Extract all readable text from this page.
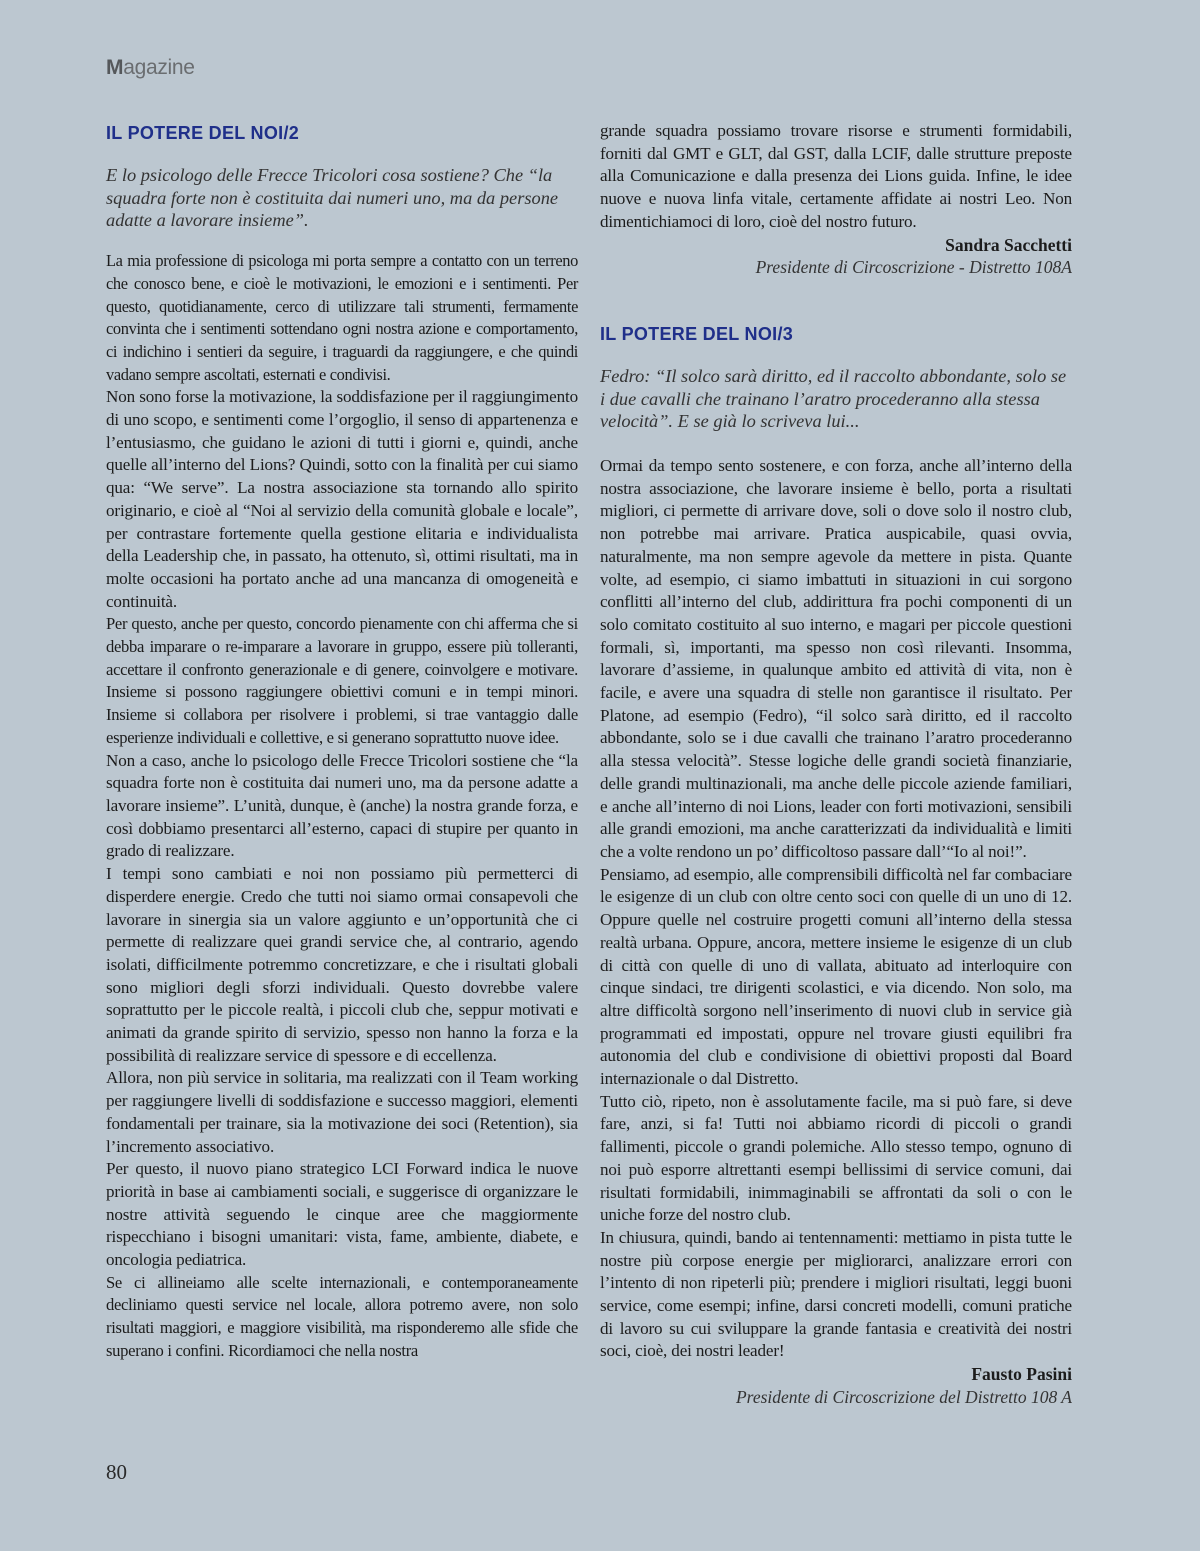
Magazine
IL POTERE DEL NOI/2

E lo psicologo delle Frecce Tricolori cosa sostiene? Che “la squadra forte non è costituita dai numeri uno, ma da persone adatte a lavorare insieme”.

La mia professione di psicologa mi porta sempre a contatto con un terreno che conosco bene, e cioè le motivazioni, le emozioni e i sentimenti. Per questo, quotidianamente, cerco di utilizzare tali strumenti, fermamente convinta che i sentimenti sottendano ogni nostra azione e comportamento, ci indichino i sentieri da seguire, i traguardi da raggiungere, e che quindi vadano sempre ascoltati, esternati e condivisi.

Non sono forse la motivazione, la soddisfazione per il raggiungimento di uno scopo, e sentimenti come l’orgoglio, il senso di appartenenza e l’entusiasmo, che guidano le azioni di tutti i giorni e, quindi, anche quelle all’interno del Lions? Quindi, sotto con la finalità per cui siamo qua: “We serve”. La nostra associazione sta tornando allo spirito originario, e cioè al “Noi al servizio della comunità globale e locale”, per contrastare fortemente quella gestione elitaria e individualista della Leadership che, in passato, ha ottenuto, sì, ottimi risultati, ma in molte occasioni ha portato anche ad una mancanza di omogeneità e continuità.

Per questo, anche per questo, concordo pienamente con chi afferma che si debba imparare o re-imparare a lavorare in gruppo, essere più tolleranti, accettare il confronto generazionale e di genere, coinvolgere e motivare. Insieme si possono raggiungere obiettivi comuni e in tempi minori. Insieme si collabora per risolvere i problemi, si trae vantaggio dalle esperienze individuali e collettive, e si generano soprattutto nuove idee.

Non a caso, anche lo psicologo delle Frecce Tricolori sostiene che “la squadra forte non è costituita dai numeri uno, ma da persone adatte a lavorare insieme”. L’unità, dunque, è (anche) la nostra grande forza, e così dobbiamo presentarci all’esterno, capaci di stupire per quanto in grado di realizzare.

I tempi sono cambiati e noi non possiamo più permetterci di disperdere energie. Credo che tutti noi siamo ormai consapevoli che lavorare in sinergia sia un valore aggiunto e un’opportunità che ci permette di realizzare quei grandi service che, al contrario, agendo isolati, difficilmente potremmo concretizzare, e che i risultati globali sono migliori degli sforzi individuali. Questo dovrebbe valere soprattutto per le piccole realtà, i piccoli club che, seppur motivati e animati da grande spirito di servizio, spesso non hanno la forza e la possibilità di realizzare service di spessore e di eccellenza.

Allora, non più service in solitaria, ma realizzati con il Team working per raggiungere livelli di soddisfazione e successo maggiori, elementi fondamentali per trainare, sia la motivazione dei soci (Retention), sia l’incremento associativo.

Per questo, il nuovo piano strategico LCI Forward indica le nuove priorità in base ai cambiamenti sociali, e suggerisce di organizzare le nostre attività seguendo le cinque aree che maggiormente rispecchiano i bisogni umanitari: vista, fame, ambiente, diabete, e oncologia pediatrica.

Se ci allineiamo alle scelte internazionali, e contemporaneamente decliniamo questi service nel locale, allora potremo avere, non solo risultati maggiori, e maggiore visibilità, ma risponderemo alle sfide che superano i confini. Ricordiamoci che nella nostra

grande squadra possiamo trovare risorse e strumenti formidabili, forniti dal GMT e GLT, dal GST, dalla LCIF, dalle strutture preposte alla Comunicazione e dalla presenza dei Lions guida. Infine, le idee nuove e nuova linfa vitale, certamente affidate ai nostri Leo. Non dimentichiamoci di loro, cioè del nostro futuro.

Sandra Sacchetti

Presidente di Circoscrizione - Distretto 108A

IL POTERE DEL NOI/3

Fedro: “Il solco sarà diritto, ed il raccolto abbondante, solo se i due cavalli che trainano l’aratro procederanno alla stessa velocità”. E se già lo scriveva lui...

Ormai da tempo sento sostenere, e con forza, anche all’interno della nostra associazione, che lavorare insieme è bello, porta a risultati migliori, ci permette di arrivare dove, soli o dove solo il nostro club, non potrebbe mai arrivare. Pratica auspicabile, quasi ovvia, naturalmente, ma non sempre agevole da mettere in pista. Quante volte, ad esempio, ci siamo imbattuti in situazioni in cui sorgono conflitti all’interno del club, addirittura fra pochi componenti di un solo comitato costituito al suo interno, e magari per piccole questioni formali, sì, importanti, ma spesso non così rilevanti. Insomma, lavorare d’assieme, in qualunque ambito ed attività di vita, non è facile, e avere una squadra di stelle non garantisce il risultato. Per Platone, ad esempio (Fedro), “il solco sarà diritto, ed il raccolto abbondante, solo se i due cavalli che trainano l’aratro procederanno alla stessa velocità”. Stesse logiche delle grandi società finanziarie, delle grandi multinazionali, ma anche delle piccole aziende familiari, e anche all’interno di noi Lions, leader con forti motivazioni, sensibili alle grandi emozioni, ma anche caratterizzati da individualità e limiti che a volte rendono un po’ difficoltoso passare dall’“Io al noi!”.

Pensiamo, ad esempio, alle comprensibili difficoltà nel far combaciare le esigenze di un club con oltre cento soci con quelle di un uno di 12. Oppure quelle nel costruire progetti comuni all’interno della stessa realtà urbana. Oppure, ancora, mettere insieme le esigenze di un club di città con quelle di uno di vallata, abituato ad interloquire con cinque sindaci, tre dirigenti scolastici, e via dicendo. Non solo, ma altre difficoltà sorgono nell’inserimento di nuovi club in service già programmati ed impostati, oppure nel trovare giusti equilibri fra autonomia del club e condivisione di obiettivi proposti dal Board internazionale o dal Distretto.

Tutto ciò, ripeto, non è assolutamente facile, ma si può fare, si deve fare, anzi, si fa! Tutti noi abbiamo ricordi di piccoli o grandi fallimenti, piccole o grandi polemiche. Allo stesso tempo, ognuno di noi può esporre altrettanti esempi bellissimi di service comuni, dai risultati formidabili, inimmaginabili se affrontati da soli o con le uniche forze del nostro club.

In chiusura, quindi, bando ai tentennamenti: mettiamo in pista tutte le nostre più corpose energie per migliorarci, analizzare errori con l’intento di non ripeterli più; prendere i migliori risultati, leggi buoni service, come esempi; infine, darsi concreti modelli, comuni pratiche di lavoro su cui sviluppare la grande fantasia e creatività dei nostri soci, cioè, dei nostri leader!

Fausto Pasini

Presidente di Circoscrizione del Distretto 108 A

80
